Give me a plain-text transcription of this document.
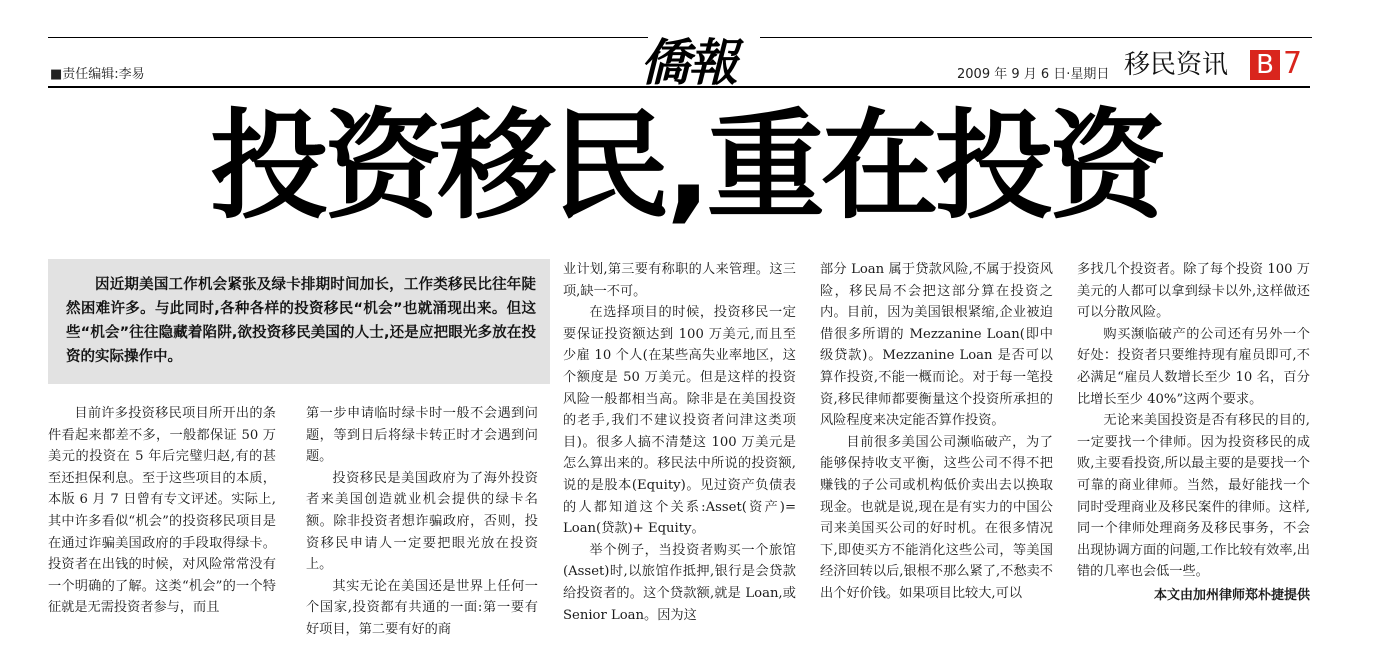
■责任编辑:李易	僑報	2009 年 9 月 6 日·星期日 移民资讯 B 7
投资移民,重在投资
因近期美国工作机会紧张及绿卡排期时间加长，工作类移民比往年陡然困难许多。与此同时,各种各样的投资移民“机会”也就涌现出来。但这些“机会”往往隐藏着陷阱,欲投资移民美国的人士,还是应把眼光多放在投资的实际操作中。

目前许多投资移民项目所开出的条件看起来都差不多，一般都保证 50 万美元的投资在 5 年后完璧归赵,有的甚至还担保利息。至于这些项目的本质，本版 6 月 7 日曾有专文评述。实际上,其中许多看似“机会”的投资移民项目是在通过诈骗美国政府的手段取得绿卡。投资者在出钱的时候，对风险常常没有一个明确的了解。这类“机会”的一个特征就是无需投资者参与，而且

第一步申请临时绿卡时一般不会遇到问题，等到日后将绿卡转正时才会遇到问题。

投资移民是美国政府为了海外投资者来美国创造就业机会提供的绿卡名额。除非投资者想诈骗政府，否则，投资移民申请人一定要把眼光放在投资上。

其实无论在美国还是世界上任何一个国家,投资都有共通的一面:第一要有好项目，第二要有好的商

业计划,第三要有称职的人来管理。这三项,缺一不可。

在选择项目的时候，投资移民一定要保证投资额达到 100 万美元,而且至少雇 10 个人(在某些高失业率地区，这个额度是 50 万美元。但是这样的投资风险一般都相当高。除非是在美国投资的老手,我们不建议投资者问津这类项目)。很多人搞不清楚这 100 万美元是怎么算出来的。移民法中所说的投资额,说的是股本(Equity)。见过资产负债表的人都知道这个关系:Asset(资产)= Loan(贷款)+ Equity。

举个例子，当投资者购买一个旅馆(Asset)时,以旅馆作抵押,银行是会贷款给投资者的。这个贷款额,就是 Loan,或 Senior Loan。因为这

部分 Loan 属于贷款风险,不属于投资风险，移民局不会把这部分算在投资之内。目前，因为美国银根紧缩,企业被迫借很多所谓的 Mezzanine Loan(即中级贷款)。Mezzanine Loan 是否可以算作投资,不能一概而论。对于每一笔投资,移民律师都要衡量这个投资所承担的风险程度来决定能否算作投资。

目前很多美国公司濒临破产，为了能够保持收支平衡，这些公司不得不把赚钱的子公司或机构低价卖出去以换取现金。也就是说,现在是有实力的中国公司来美国买公司的好时机。在很多情况下,即使买方不能消化这些公司，等美国经济回转以后,银根不那么紧了,不愁卖不出个好价钱。如果项目比较大,可以

多找几个投资者。除了每个投资 100 万美元的人都可以拿到绿卡以外,这样做还可以分散风险。

购买濒临破产的公司还有另外一个好处：投资者只要维持现有雇员即可,不必满足“雇员人数增长至少 10 名，百分比增长至少 40%”这两个要求。

无论来美国投资是否有移民的目的,一定要找一个律师。因为投资移民的成败,主要看投资,所以最主要的是要找一个可靠的商业律师。当然，最好能找一个同时受理商业及移民案件的律师。这样,同一个律师处理商务及移民事务，不会出现协调方面的问题,工作比较有效率,出错的几率也会低一些。

本文由加州律师郑朴捷提供
